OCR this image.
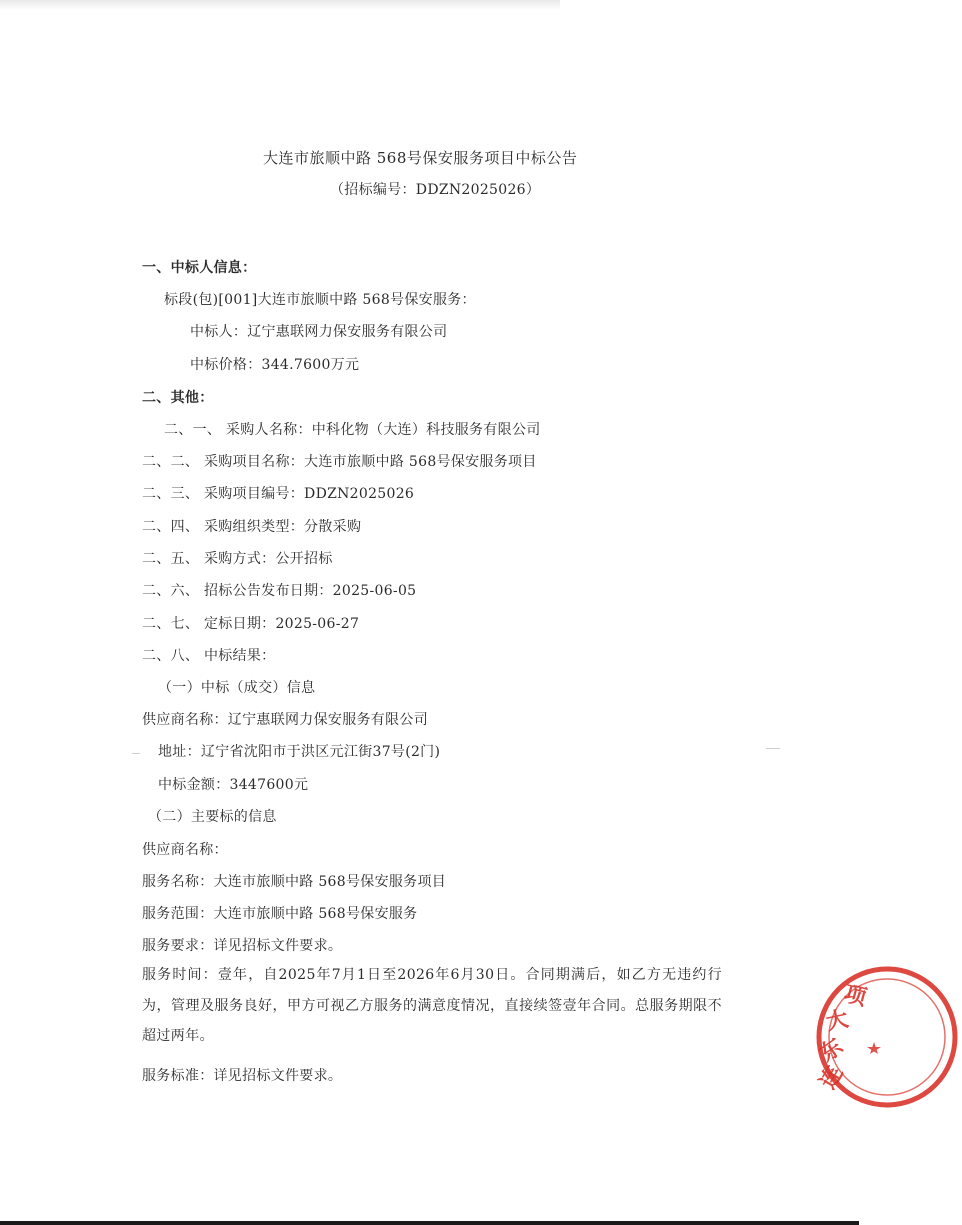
大连市旅顺中路 568号保安服务项目中标公告
（招标编号：DDZN2025026）
一、中标人信息：
标段(包)[001]大连市旅顺中路 568号保安服务：
中标人：辽宁惠联网力保安服务有限公司
中标价格：344.7600万元
二、其他：
二、一、 采购人名称：中科化物（大连）科技服务有限公司
二、二、 采购项目名称：大连市旅顺中路 568号保安服务项目
二、三、 采购项目编号：DDZN2025026
二、四、 采购组织类型：分散采购
二、五、 采购方式：公开招标
二、六、 招标公告发布日期：2025-06-05
二、七、 定标日期：2025-06-27
二、八、 中标结果：
（一）中标（成交）信息
供应商名称：辽宁惠联网力保安服务有限公司
地址：辽宁省沈阳市于洪区元江街37号(2门)
中标金额：3447600元
（二）主要标的信息
供应商名称：
服务名称：大连市旅顺中路 568号保安服务项目
服务范围：大连市旅顺中路 568号保安服务
服务要求：详见招标文件要求。
服务时间：壹年，自2025年7月1日至2026年6月30日。合同期满后，如乙方无违约行为，管理及服务良好，甲方可视乙方服务的满意度情况，直接续签壹年合同。总服务期限不超过两年。
服务标准：详见招标文件要求。	连
东
大
项
